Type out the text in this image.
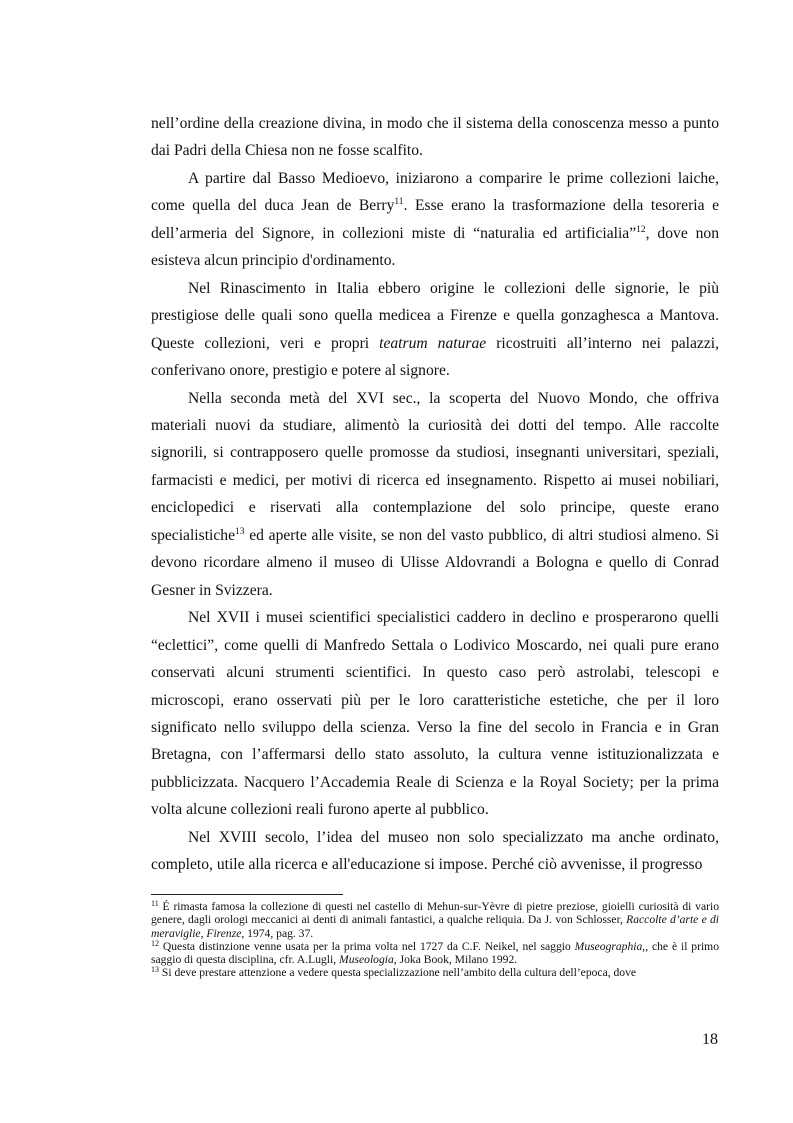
nell’ordine della creazione divina, in modo che il sistema della conoscenza messo a punto dai Padri della Chiesa non ne fosse scalfito.

A partire dal Basso Medioevo, iniziarono a comparire le prime collezioni laiche, come quella del duca Jean de Berry$^{11}$. Esse erano la trasformazione della tesoreria e dell’armeria del Signore, in collezioni miste di “naturalia ed artificialia”$^{12}$, dove non esisteva alcun principio d'ordinamento.

Nel Rinascimento in Italia ebbero origine le collezioni delle signorie, le più prestigiose delle quali sono quella medicea a Firenze e quella gonzaghesca a Mantova. Queste collezioni, veri e propri teatrum naturae ricostruiti all’interno nei palazzi, conferivano onore, prestigio e potere al signore.

Nella seconda metà del XVI sec., la scoperta del Nuovo Mondo, che offriva materiali nuovi da studiare, alimentò la curiosità dei dotti del tempo. Alle raccolte signorili, si contrapposero quelle promosse da studiosi, insegnanti universitari, speziali, farmacisti e medici, per motivi di ricerca ed insegnamento. Rispetto ai musei nobiliari, enciclopedici e riservati alla contemplazione del solo principe, queste erano specialistiche$^{13}$ ed aperte alle visite, se non del vasto pubblico, di altri studiosi almeno. Si devono ricordare almeno il museo di Ulisse Aldovrandi a Bologna e quello di Conrad Gesner in Svizzera.

Nel XVII i musei scientifici specialistici caddero in declino e prosperarono quelli “eclettici”, come quelli di Manfredo Settala o Lodivico Moscardo, nei quali pure erano conservati alcuni strumenti scientifici. In questo caso però astrolabi, telescopi e microscopi, erano osservati più per le loro caratteristiche estetiche, che per il loro significato nello sviluppo della scienza. Verso la fine del secolo in Francia e in Gran Bretagna, con l’affermarsi dello stato assoluto, la cultura venne istituzionalizzata e pubblicizzata. Nacquero l’Accademia Reale di Scienza e la Royal Society; per la prima volta alcune collezioni reali furono aperte al pubblico.

Nel XVIII secolo, l’idea del museo non solo specializzato ma anche ordinato, completo, utile alla ricerca e all'educazione si impose. Perché ciò avvenisse, il progresso

$^{11}$ É rimasta famosa la collezione di questi nel castello di Mehun-sur-Yèvre di pietre preziose, gioielli curiosità di vario genere, dagli orologi meccanici ai denti di animali fantastici, a qualche reliquia. Da J. von Schlosser, Raccolte d’arte e di meraviglie, Firenze, 1974, pag. 37.

$^{12}$ Questa distinzione venne usata per la prima volta nel 1727 da C.F. Neikel, nel saggio Museographia,, che è il primo saggio di questa disciplina, cfr. A.Lugli, Museologia, Joka Book, Milano 1992.

$^{13}$ Si deve prestare attenzione a vedere questa specializzazione nell’ambito della cultura dell’epoca, dove

18
